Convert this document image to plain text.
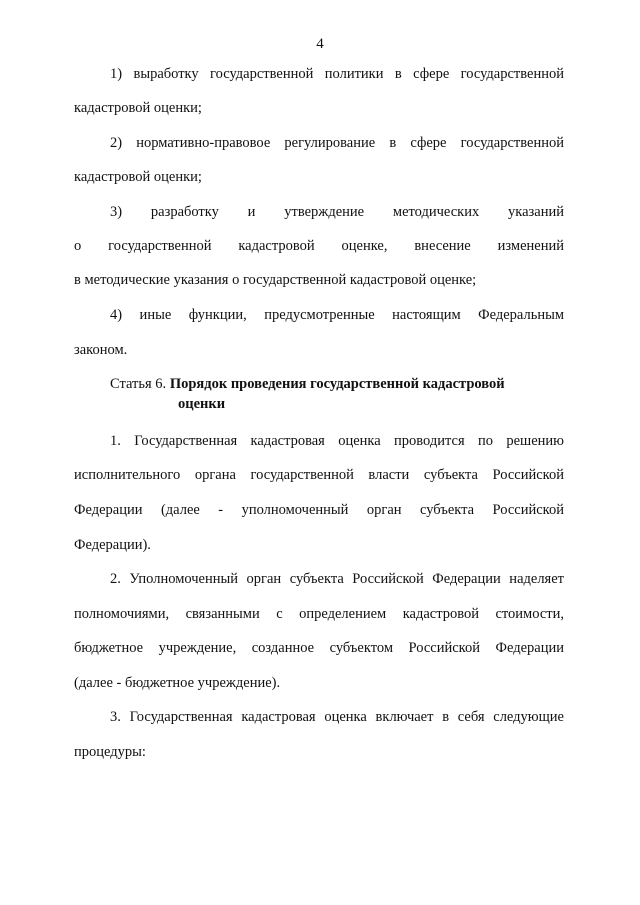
4
1) выработку государственной политики в сфере государственной
кадастровой оценки;
2) нормативно-правовое регулирование в сфере государственной
кадастровой оценки;
3) разработку и утверждение методических указаний
о государственной кадастровой оценке, внесение изменений
в методические указания о государственной кадастровой оценке;
4) иные функции, предусмотренные настоящим Федеральным
законом.
Статья 6. Порядок проведения государственной кадастровой
оценки
1. Государственная кадастровая оценка проводится по решению
исполнительного органа государственной власти субъекта Российской
Федерации (далее - уполномоченный орган субъекта Российской
Федерации).
2. Уполномоченный орган субъекта Российской Федерации наделяет
полномочиями, связанными с определением кадастровой стоимости,
бюджетное учреждение, созданное субъектом Российской Федерации
(далее - бюджетное учреждение).
3. Государственная кадастровая оценка включает в себя следующие
процедуры:
